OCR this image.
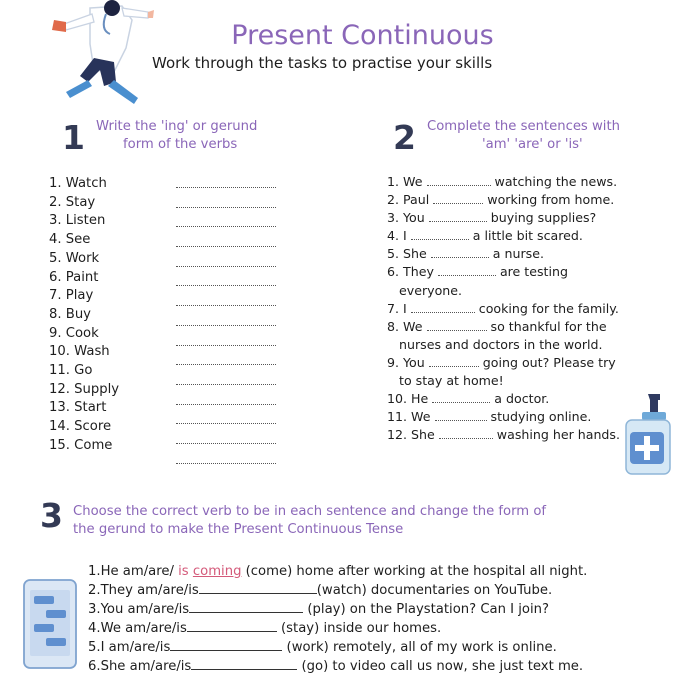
Present Continuous
Work through the tasks to practise your skills
1 Write the 'ing' or gerund
form of the verbs
1. Watch
2. Stay
3. Listen
4. See
5. Work
6. Paint
7. Play
8. Buy
9. Cook
10. Wash
11. Go
12. Supply
13. Start
14. Score
15. Come
2 Complete the sentences with
'am' 'are' or 'is'
1. We	watching the news.
2. Paul	working from home.
3. You	buying supplies?
4. I	a little bit scared.
5. She	a nurse.
6. They	are testing
everyone.
7. I	cooking for the family.
8. We	so thankful for the
nurses and doctors in the world.
9. You	going out? Please try
to stay at home!
10. He	a doctor.
11. We	studying online.
12. She	washing her hands.
3 Choose the correct verb to be in each sentence and change the form of
the gerund to make the Present Continuous Tense
1.He am/are/ is coming (come) home after working at the hospital all night.
2.They am/are/is	(watch) documentaries on YouTube.
3.You am/are/is	(play) on the Playstation? Can I join?
4.We am/are/is	(stay) inside our homes.
5.I am/are/is	(work) remotely, all of my work is online.
6.She am/are/is	(go) to video call us now, she just text me.
